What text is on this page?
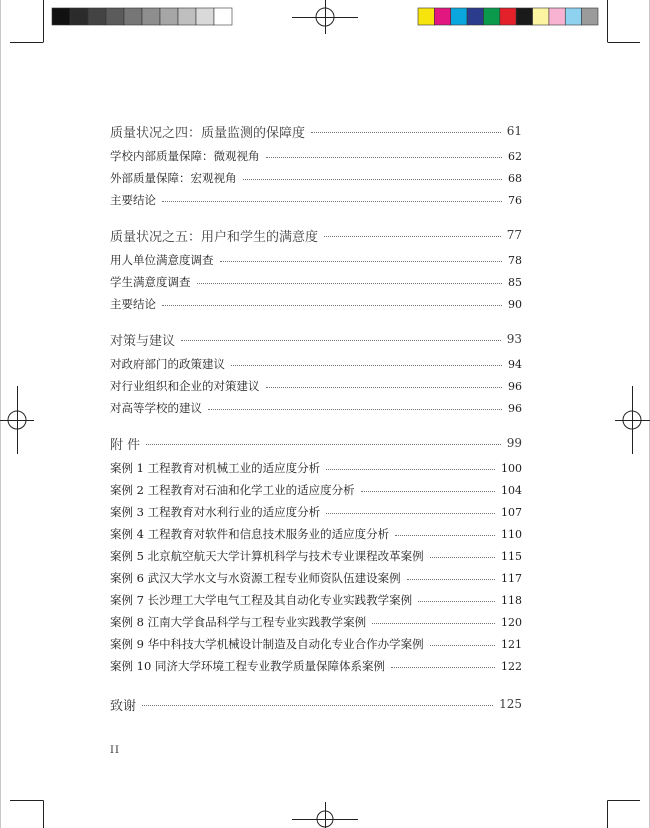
质量状况之四：质量监测的保障度	61
学校内部质量保障：微观视角	62
外部质量保障：宏观视角	68
主要结论	76
质量状况之五：用户和学生的满意度	77
用人单位满意度调查	78
学生满意度调查	85
主要结论	90
对策与建议	93
对政府部门的政策建议	94
对行业组织和企业的对策建议	96
对高等学校的建议	96
附 件	99
案例 1 工程教育对机械工业的适应度分析	100
案例 2 工程教育对石油和化学工业的适应度分析	104
案例 3 工程教育对水利行业的适应度分析	107
案例 4 工程教育对软件和信息技术服务业的适应度分析	110
案例 5 北京航空航天大学计算机科学与技术专业课程改革案例	115
案例 6 武汉大学水文与水资源工程专业师资队伍建设案例	117
案例 7 长沙理工大学电气工程及其自动化专业实践教学案例	118
案例 8 江南大学食品科学与工程专业实践教学案例	120
案例 9 华中科技大学机械设计制造及自动化专业合作办学案例	121
案例 10 同济大学环境工程专业教学质量保障体系案例	122
致谢	125
II
